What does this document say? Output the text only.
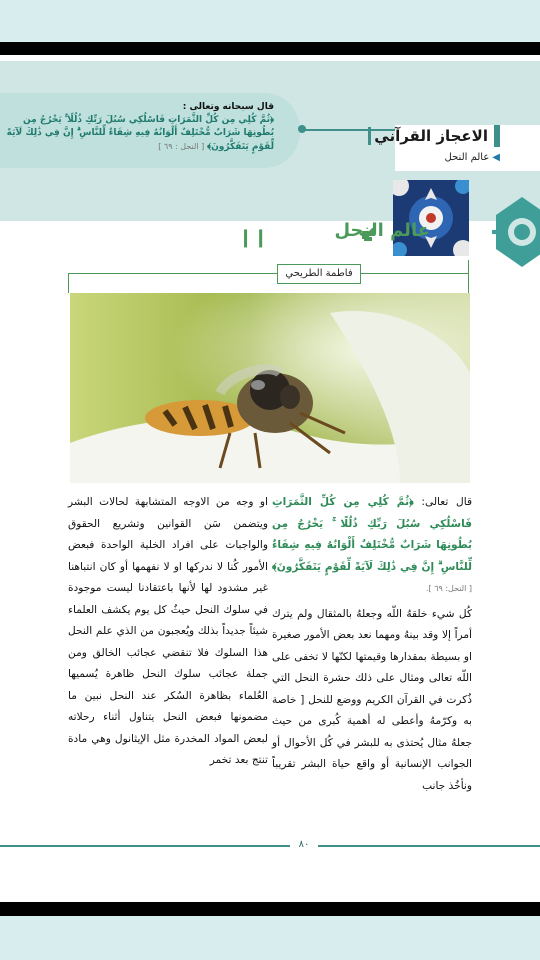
قال سبحانه وتعالى :
﴿ثُمَّ كُلِي مِن كُلِّ الثَّمَرَاتِ فَاسْلُكِي سُبُلَ رَبِّكِ ذُلُلًا ۚ يَخْرُجُ مِن بُطُونِهَا شَرَابٌ مُّخْتَلِفٌ أَلْوَانُهُ فِيهِ شِفَاءٌ لِّلنَّاسِ ۗ إِنَّ فِي ذَٰلِكَ لَآيَةً لِّقَوْمٍ يَتَفَكَّرُونَ﴾ [ النحل : ٦٩ ]
الاعجاز القرآني
◀عالم النحل
عالم النحل
❙❙
فاطمة الطريحي
قال تعالى: ﴿ثُمَّ كُلِي مِن كُلِّ الثَّمَرَاتِ فَاسْلُكِي سُبُلَ رَبِّكِ ذُلُلًا ۚ يَخْرُجُ مِن بُطُونِهَا شَرَابٌ مُّخْتَلِفٌ أَلْوَانُهُ فِيهِ شِفَاءٌ لِّلنَّاسِ ۗ إِنَّ فِي ذَٰلِكَ لَآيَةً لِّقَوْمٍ يَتَفَكَّرُونَ﴾[ النحل: ٦٩ ].
كُل شيء خلقهُ اللّه وجعلهُ بالمثقال ولم يترك أمراً إلا وقد بينهُ ومهما نعد بعض الأمور صغيرة او بسيطة بمقدارها وقيمتها لكنّها لا تخفى على اللّه تعالى ومثال على ذلك حشرة النحل التي ذُكرت في القرآن الكريم ووضع للنحل [ خاصة به وكرّمهُ وأعطى له أهمية كُبرى من حيث جعلهُ مثال يُحتذى به للبشر في كُل الأحوال أو الجوانب الإنسانية أو واقع حياة البشر تقريباً ونأخُذ جانب
او وجه من الاوجه المتشابهة لحالات البشر ويتضمن سَن القوانين وتشريع الحقوق والواجبات على افراد الخلية الواحدة فبعض الأمور كُنا لا ندركها او لا نفهمها أو كان انتباهنا غير مشدود لها لأنها باعتقادنا ليست موجودة في سلوك النحل حيثُ كل يوم يكشف العلماء شيئاً جديداً بذلك ويُعجبون من الذي علم النحل هذا السلوك فلا تنقضي عجائب الخالق ومن جملة عجائب سلوك النحل ظاهرة يُسميها العُلماء بظاهرة السُكر عند النحل نبين ما مضمونها فبعض النحل يتناول أثناء رحلاته لبعض المواد المخدرة مثل الإيثانول وهي مادة تنتج بعد تخمر
٨٠
